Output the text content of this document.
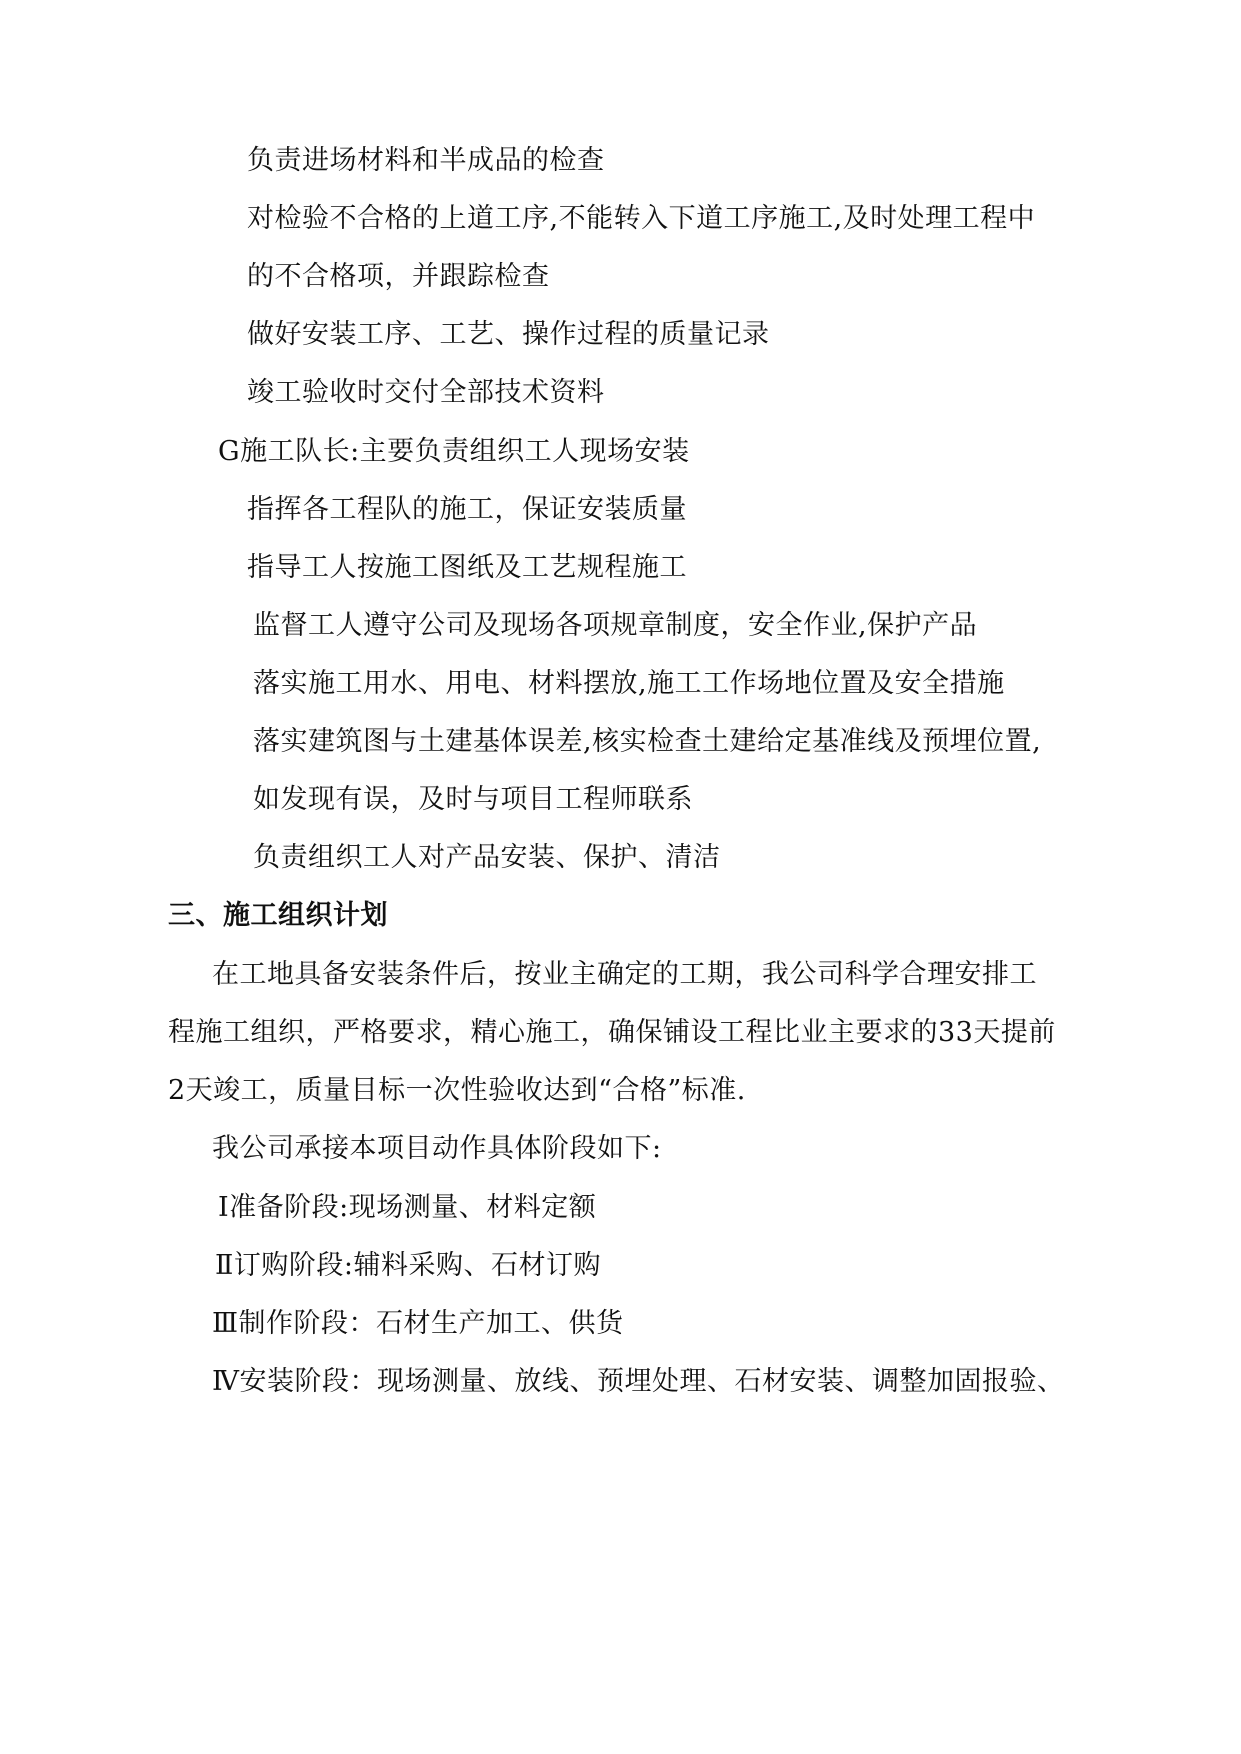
负责进场材料和半成品的检查
对检验不合格的上道工序,不能转入下道工序施工,及时处理工程中
的不合格项，并跟踪检查
做好安装工序、工艺、操作过程的质量记录
竣工验收时交付全部技术资料
G施工队长:主要负责组织工人现场安装
指挥各工程队的施工，保证安装质量
指导工人按施工图纸及工艺规程施工
监督工人遵守公司及现场各项规章制度，安全作业,保护产品
落实施工用水、用电、材料摆放,施工工作场地位置及安全措施
落实建筑图与土建基体误差,核实检查土建给定基准线及预埋位置,
如发现有误，及时与项目工程师联系
负责组织工人对产品安装、保护、清洁
三、施工组织计划
在工地具备安装条件后，按业主确定的工期，我公司科学合理安排工
程施工组织，严格要求，精心施工，确保铺设工程比业主要求的33天提前
2天竣工，质量目标一次性验收达到“合格”标准.
我公司承接本项目动作具体阶段如下:
Ⅰ准备阶段:现场测量、材料定额
Ⅱ订购阶段:辅料采购、石材订购
Ⅲ制作阶段：石材生产加工、供货
Ⅳ安装阶段：现场测量、放线、预埋处理、石材安装、调整加固报验、
